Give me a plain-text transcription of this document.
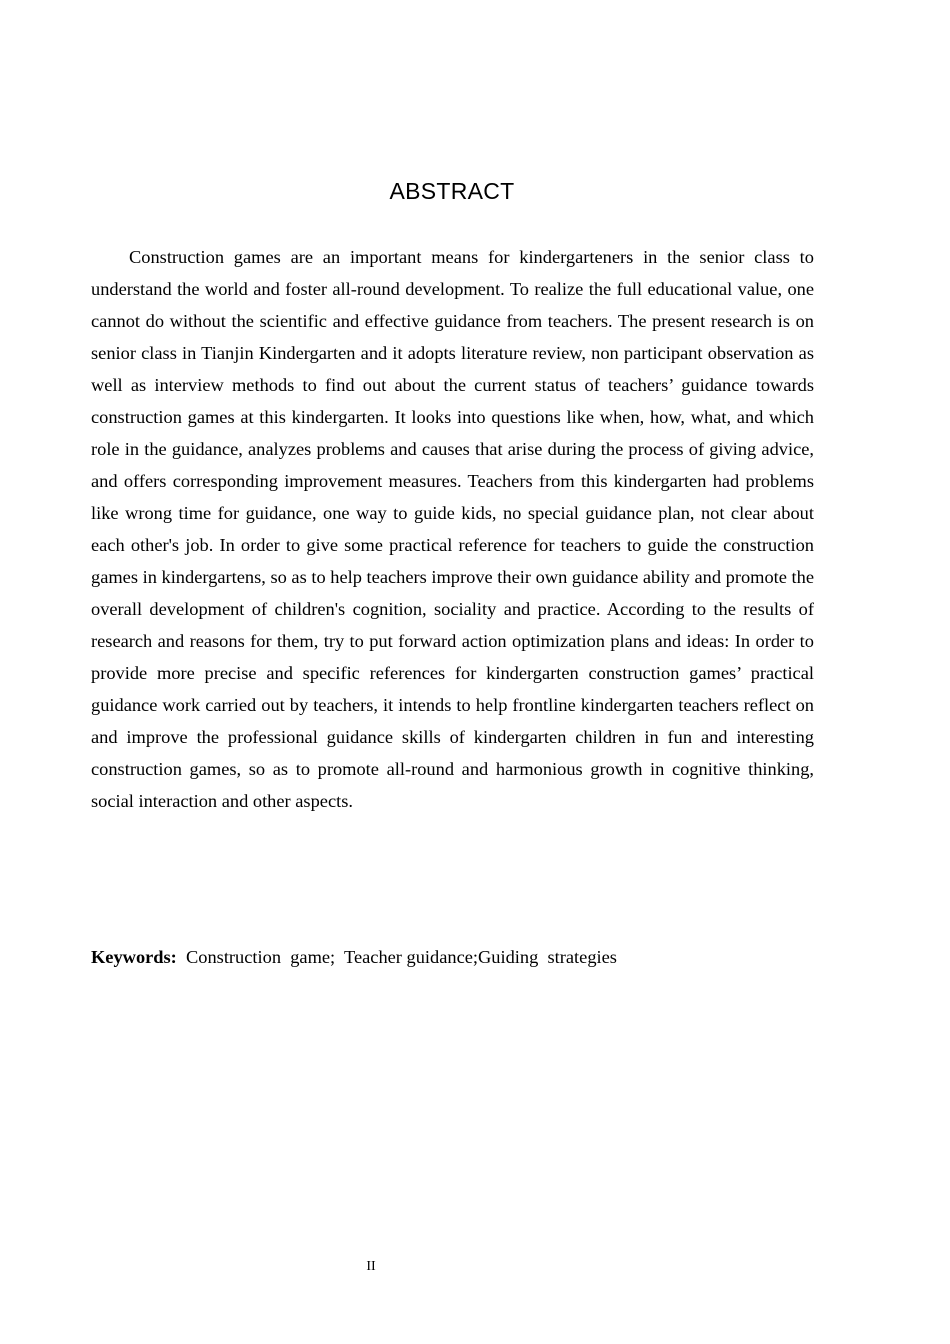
ABSTRACT

Construction games are an important means for kindergarteners in the senior class to understand the world and foster all-round development. To realize the full educational value, one cannot do without the scientific and effective guidance from teachers. The present research is on senior class in Tianjin Kindergarten and it adopts literature review, non participant observation as well as interview methods to find out about the current status of teachers’ guidance towards construction games at this kindergarten. It looks into questions like when, how, what, and which role in the guidance, analyzes problems and causes that arise during the process of giving advice, and offers corresponding improvement measures. Teachers from this kindergarten had problems like wrong time for guidance, one way to guide kids, no special guidance plan, not clear about each other's job. In order to give some practical reference for teachers to guide the construction games in kindergartens, so as to help teachers improve their own guidance ability and promote the overall development of children's cognition, sociality and practice. According to the results of research and reasons for them, try to put forward action optimization plans and ideas: In order to provide more precise and specific references for kindergarten construction games’ practical guidance work carried out by teachers, it intends to help frontline kindergarten teachers reflect on and improve the professional guidance skills of kindergarten children in fun and interesting construction games, so as to promote all-round and harmonious growth in cognitive thinking, social interaction and other aspects.

Keywords:  Construction  game;  Teacher guidance;Guiding  strategies

II
